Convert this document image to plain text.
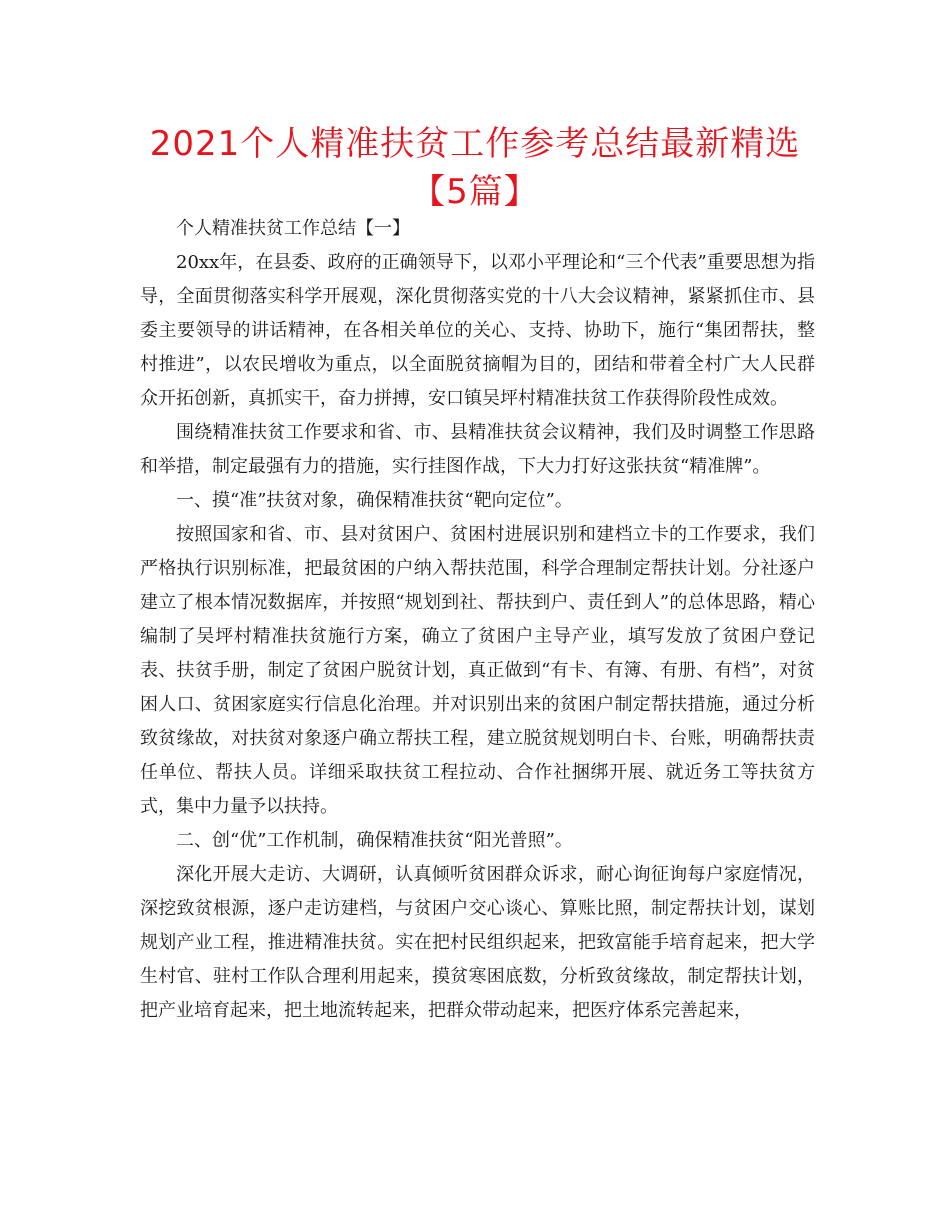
2021个人精准扶贫工作参考总结最新精选【5篇】

个人精准扶贫工作总结【一】

20xx年，在县委、政府的正确领导下，以邓小平理论和“三个代表”重要思想为指导，全面贯彻落实科学开展观，深化贯彻落实党的十八大会议精神，紧紧抓住市、县委主要领导的讲话精神，在各相关单位的关心、支持、协助下，施行“集团帮扶，整村推进”，以农民增收为重点，以全面脱贫摘帽为目的，团结和带着全村广大人民群众开拓创新，真抓实干，奋力拼搏，安口镇吴坪村精准扶贫工作获得阶段性成效。

围绕精准扶贫工作要求和省、市、县精准扶贫会议精神，我们及时调整工作思路和举措，制定最强有力的措施，实行挂图作战，下大力打好这张扶贫“精准牌”。

一、摸“准”扶贫对象，确保精准扶贫“靶向定位”。

按照国家和省、市、县对贫困户、贫困村进展识别和建档立卡的工作要求，我们严格执行识别标准，把最贫困的户纳入帮扶范围，科学合理制定帮扶计划。分社逐户建立了根本情况数据库，并按照“规划到社、帮扶到户、责任到人”的总体思路，精心编制了吴坪村精准扶贫施行方案，确立了贫困户主导产业，填写发放了贫困户登记表、扶贫手册，制定了贫困户脱贫计划，真正做到“有卡、有簿、有册、有档”，对贫困人口、贫困家庭实行信息化治理。并对识别出来的贫困户制定帮扶措施，通过分析致贫缘故，对扶贫对象逐户确立帮扶工程，建立脱贫规划明白卡、台账，明确帮扶责任单位、帮扶人员。详细采取扶贫工程拉动、合作社捆绑开展、就近务工等扶贫方式，集中力量予以扶持。

二、创“优”工作机制，确保精准扶贫“阳光普照”。

深化开展大走访、大调研，认真倾听贫困群众诉求，耐心询征询每户家庭情况，深挖致贫根源，逐户走访建档，与贫困户交心谈心、算账比照，制定帮扶计划，谋划规划产业工程，推进精准扶贫。实在把村民组织起来，把致富能手培育起来，把大学生村官、驻村工作队合理利用起来，摸贫寒困底数，分析致贫缘故，制定帮扶计划，把产业培育起来，把土地流转起来，把群众带动起来，把医疗体系完善起来，
